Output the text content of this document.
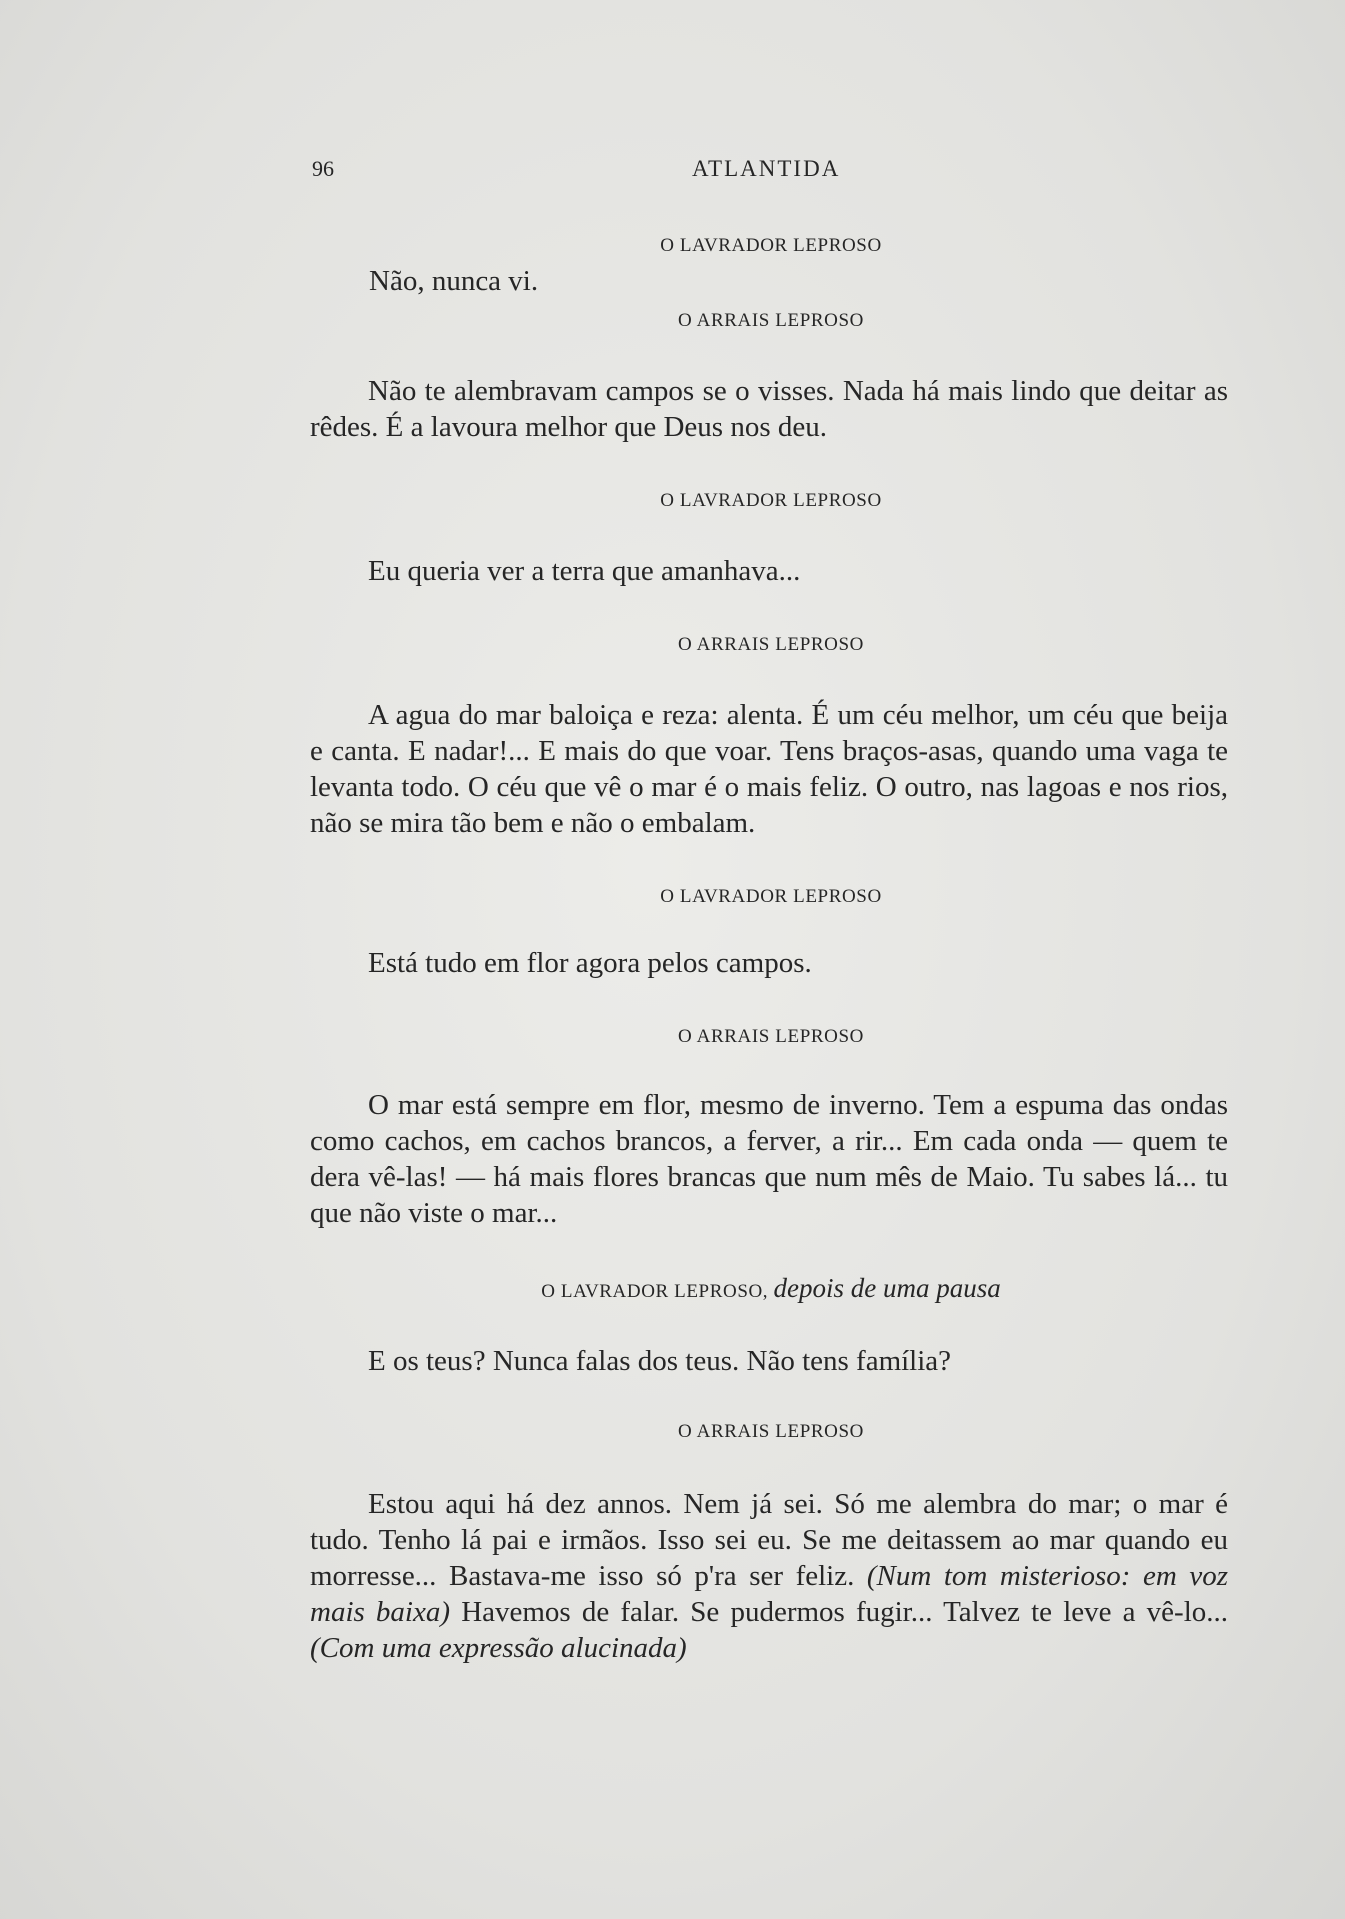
96	ATLANTIDA
O LAVRADOR LEPROSO

Não, nunca vi.

O ARRAIS LEPROSO

Não te alembravam campos se o visses. Nada há mais lindo que deitar as rêdes. É a lavoura melhor que Deus nos deu.

O LAVRADOR LEPROSO

Eu queria ver a terra que amanhava...

O ARRAIS LEPROSO

A agua do mar baloiça e reza: alenta. É um céu melhor, um céu que beija e canta. E nadar!... E mais do que voar. Tens braços-asas, quando uma vaga te levanta todo. O céu que vê o mar é o mais feliz. O outro, nas lagoas e nos rios, não se mira tão bem e não o embalam.

O LAVRADOR LEPROSO

Está tudo em flor agora pelos campos.

O ARRAIS LEPROSO

O mar está sempre em flor, mesmo de inverno. Tem a espuma das ondas como cachos, em cachos brancos, a ferver, a rir... Em cada onda — quem te dera vê-las! — há mais flores brancas que num mês de Maio. Tu sabes lá... tu que não viste o mar...

O LAVRADOR LEPROSO, depois de uma pausa

E os teus? Nunca falas dos teus. Não tens família?

O ARRAIS LEPROSO

Estou aqui há dez annos. Nem já sei. Só me alembra do mar; o mar é tudo. Tenho lá pai e irmãos. Isso sei eu. Se me deitassem ao mar quando eu morresse... Bastava-me isso só p'ra ser feliz. (Num tom misterioso: em voz mais baixa) Havemos de falar. Se pudermos fugir... Talvez te leve a vê-lo... (Com uma expressão alucinada)
